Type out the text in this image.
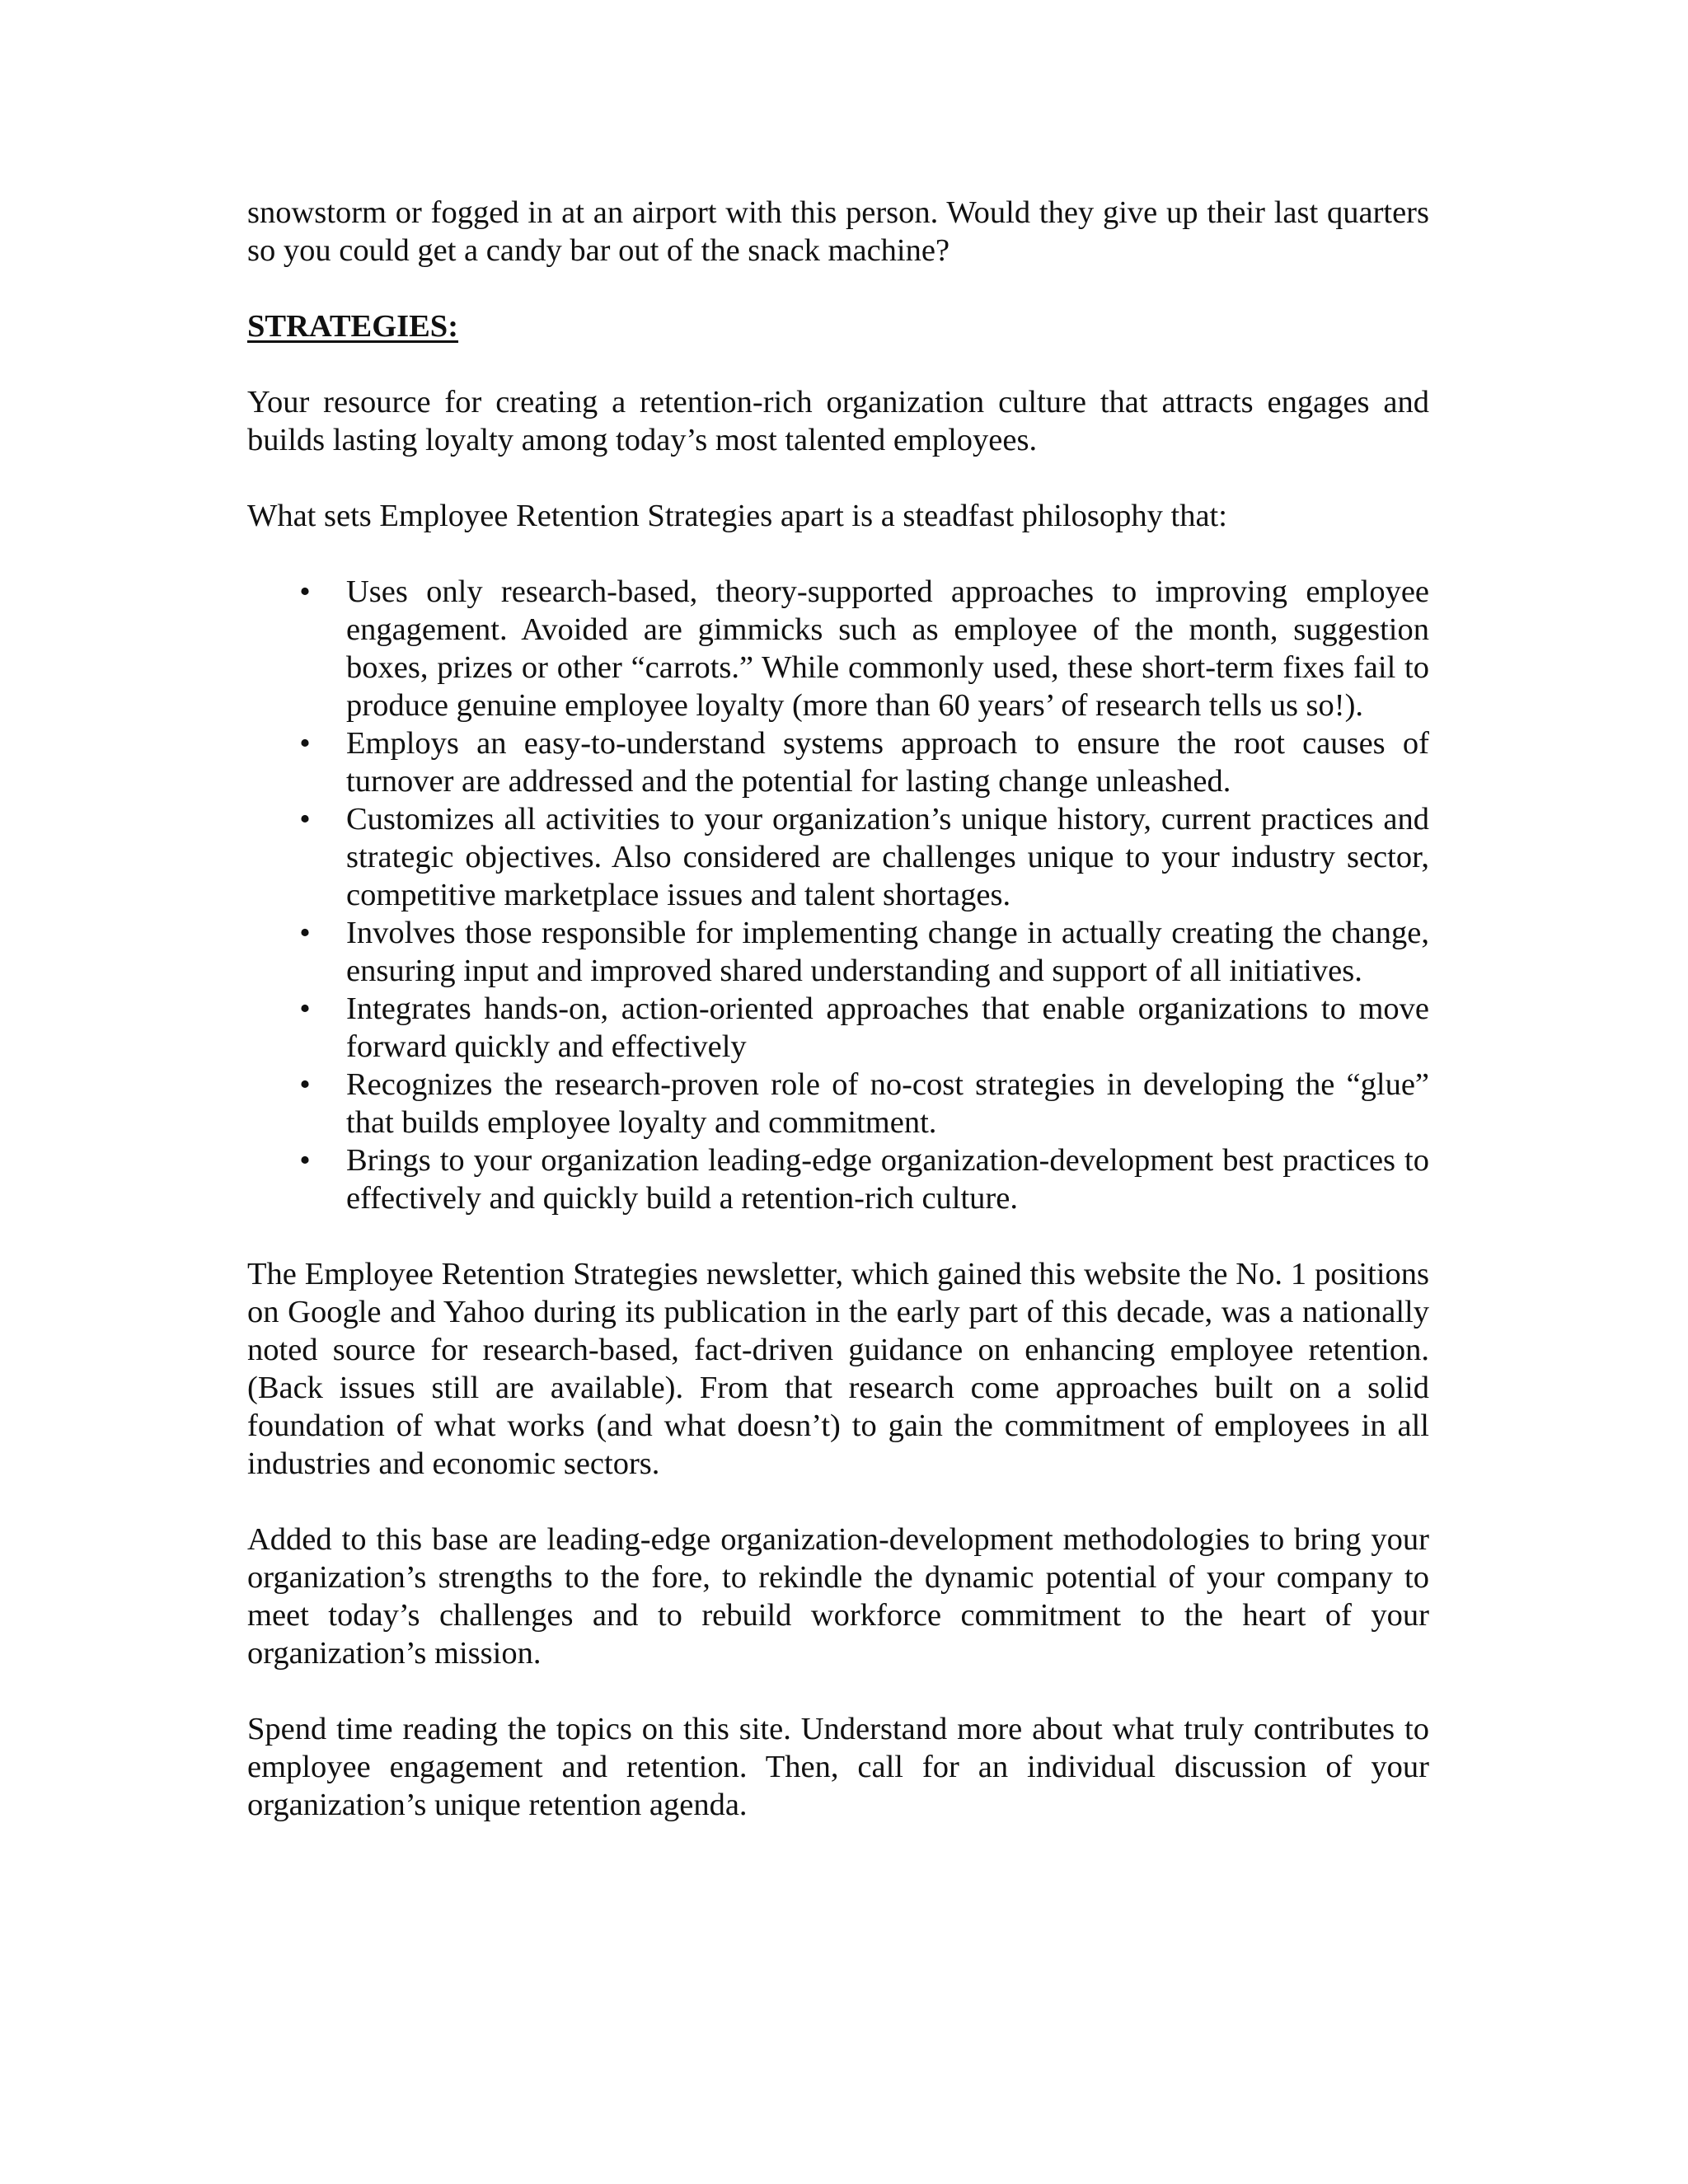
snowstorm or fogged in at an airport with this person. Would they give up their last quarters so you could get a candy bar out of the snack machine?

STRATEGIES:

Your resource for creating a retention-rich organization culture that attracts engages and builds lasting loyalty among today’s most talented employees.

What sets Employee Retention Strategies apart is a steadfast philosophy that:

• Uses only research-based, theory-supported approaches to improving employee engagement. Avoided are gimmicks such as employee of the month, suggestion boxes, prizes or other “carrots.” While commonly used, these short-term fixes fail to produce genuine employee loyalty (more than 60 years’ of research tells us so!).
• Employs an easy-to-understand systems approach to ensure the root causes of turnover are addressed and the potential for lasting change unleashed.
• Customizes all activities to your organization’s unique history, current practices and strategic objectives. Also considered are challenges unique to your industry sector, competitive marketplace issues and talent shortages.
• Involves those responsible for implementing change in actually creating the change, ensuring input and improved shared understanding and support of all initiatives.
• Integrates hands-on, action-oriented approaches that enable organizations to move forward quickly and effectively
• Recognizes the research-proven role of no-cost strategies in developing the “glue” that builds employee loyalty and commitment.
• Brings to your organization leading-edge organization-development best practices to effectively and quickly build a retention-rich culture.

The Employee Retention Strategies newsletter, which gained this website the No. 1 positions on Google and Yahoo during its publication in the early part of this decade, was a nationally noted source for research-based, fact-driven guidance on enhancing employee retention. (Back issues still are available). From that research come approaches built on a solid foundation of what works (and what doesn’t) to gain the commitment of employees in all industries and economic sectors.

Added to this base are leading-edge organization-development methodologies to bring your organization’s strengths to the fore, to rekindle the dynamic potential of your company to meet today’s challenges and to rebuild workforce commitment to the heart of your organization’s mission.

Spend time reading the topics on this site. Understand more about what truly contributes to employee engagement and retention. Then, call for an individual discussion of your organization’s unique retention agenda.
